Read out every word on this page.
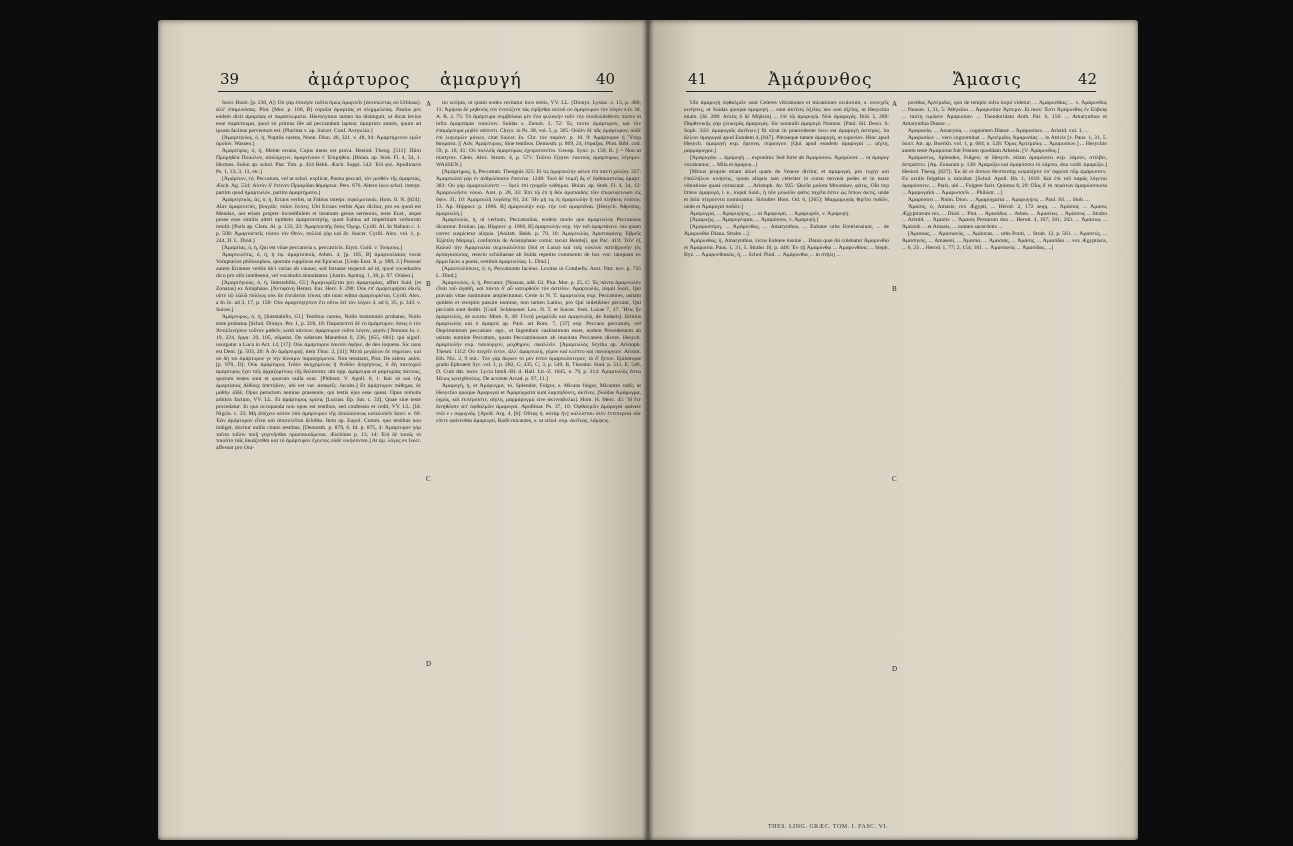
39	ἀμάρτυρος ἀμαρυγή	40

Isocr. Busir. [p. 230, A]: Οὐ γὰρ ἐποιήσε ταῦτα ὅμως ἁμαρτεῖν [ἀνειπώντας οὐ Urbinas]. ἀλλ' ἐπαμυνόσας. Plut. [Mor. p. 168, B] copulat ἁμαρτίας et πλημμελείας. Paulus pro eodem dicit ἁμαρτίας et παραπτώματα. Hieronymus tamen ita distinguit, ut dicat levius esse παράπτωμα, quod sit primus ille ad peccandum lapsus: ἁμαρτίαν autem, quum ad ipsum facinus perventum est. [Plurima v. ap. Suicer. Conf. Ἀνεγκλία.]

[Ἀμαρτηνόος, ὁ, ἡ, Nuptiis carens, Nonn. Dion. 46, 321. v. 48, 94: Ἀμαρτήμενον ἐμῶν ὁμοῖον. Wassen.]

Ἀμαρτύρος, ὁ, ἡ, Mente errans, Cujus mens est prava. Hesiod. Theog. [511]: Πᾶσι Προμηθέα Ποικίλον, αἰολόμητιν, ἁμαρτίνοον τ' Ἐπιμηθέα. [Rhian. ap. Stob. Fl. 4, 34, 1. Hermes. Solon ap. schol. Plat. Tim. p. 424 Bekk. Æsch. Suppl. 542: Ἐπὶ φιλ. Apollinaris Ps. 1, 13; 3, 13, etc.]

[Ἀμάρτιον, τό, Peccatum, vel ut schol. explicat, Poena peccati, τὸν μισθὸν τῆς ἁμαρτίας, Æsch. Ag. 534: Αὐτὸν δ' ἔτεινεν Πριαμίδαι θάμάρτια. Pers. 676. Altero loco schol. interpr. partim quod ἡμαρτωλόν, partim ἁμαρτήματα.]

Ἀμαρτητικός, ἀς, ὁ, ἡ, Errans verbis, ut Fabius interpr. σφαλμοτικός. Hom. Il. N. [824]: Αἶαν ἁμαρτοεπές, βουγάϊε, ποῖον ἔειπες; Ubi Errans verbis Ajax dicitur, pro eo quod est Mendax, aut etiam propter incredibilem et insanum genus sermonis, teste Eust., atque posse esse similis alteri epitheto ἁμαρτοεπητής, quod Fabius ad imperitiam verborum retulit. [Paris ap. Clem. Al. p. 133, 23: Ἁμαρτοεπῆς ὅσος Ὅμηρ. Cyrill. Al. In Nahum c. 1. p. 508: Ἀμαρτοεπεῖς τόσου τὸν Θεόν, πολλαὶ γὰρ καὶ δὲ. Suicer. Cyrill. Alex. vol. 1, p. 244, D. L. Dind.]

[Ἀμαρτίας, ὁ, ἡ, Qui est vitae peccatoria s. peccatricis. Etym. Guid. v. Τούμους.]

Ἀμαρτωλέπις, ὁ, ἡ, ἡ ἐφ. ἁμαρτοποιίς Athen. 4, [p. 165, B] ἁμαρτωλίαιος vocat Voluptarios philosophos, quorum cuppiicus est Epicurus. [Unde Eust. Il. p. 989, 2.] Possunt autem Errantes verbis dici varias ob causas; sed fortasse respexit ad id, quod voceduobis dico pro ullo intelleetur, vel vocabulis abundantur. [Justin. Apolog. 1, 38, p. 97. Οὐάνα.]

[Ἀμαρτόγιοος, ὁ, ἡ, Intestabilis, Gl.] Ἀμαρτυρίζεται pro ἀμαρτυρίας, affert Suid. [et Zonaras] ex Amiphane. [Ἀντιφάνη Hemst. Eur. Herc. F. 290: Οὐκ ἐπ' ἀμαρτυρήσαι οἷκεῖς οὔτε τῷ λάλῶ πόλλως οὐκ ἂν ἐπειδεται τέκνα; ubi nunc editur ἀμαρτυρίσται, Cyrill. Alex. a In Jo. ad 3, 17, p. 158: Οὐκ ἁμαρτόγηπτον ἔτι οὕτω δεῖ τὸν λόγον 4, ad 6, 35, p. 343. v. Suicer.]

Ἀμάρτυρος, ὁ, ἡ, [Intestabilis, Gl.] Testibus carens, Nullo testimonio probatus, Nullo teste probatus [Schol. Dionys. Per. 1, p. 318, 10: Παραπεπτεὶ δὲ τὸ ἁμάρτυρον, ὅσως ὁ τὸν Ἀπολλινήσων τοῦτον μαθεῖν, κατὰ πάντων; ἁμαρτυρον τοῦτο λέγειν, φησίν.] Nonnus Jo. c. 19, 224, ἔργα· 20, 105, οὔματα. De siderum Manethon 6, 236, [655, 681]: qui signif. usurpatur a Luca in Act. 14, [17]: Οὐκ ἀμάρτυρον ἑαυτὸν ἀφῆκε, de deo loquens. Sic usus est Dem. [p. 503, 20: Ἀ ἂν ἀμάρτυρα], item Thuc. 2, [41]: Μετὰ μεγάλων δὲ σημείων, καὶ οὐ δὴ τοι ἀμάρτυρον γε τὴν δύναμιν παρασχόμενοι. Non testatam, Plut. De salent. anim. [p. 970, D]: Οὐκ ἀμάρτυρος Ἰνδὸν ἀκηχόμενος ἢ Ἀνδῶν διηγήσεως, ὃ δὴ παντοχοῦ ἀμάρτυρος ἔχει τοῖς ἀρχαζομένοις τῆς θαλάσσαι; ubi opp. ἀμάρτυρα et μαρτυρίας πάντοις, quorum testes sunt et quorum nulla sunt. [Philostr. V. Apoll. 6, 1: Καὶ τὰ καὶ τῆς ἁμαρτίαιος Αἰθίοςς ἀπετήδειν, ubi est var. ἀσαφεῖς. Jacobs.] Et ἁμάρτυρον πάθημα, δὲ μαθὴν ἀϊδὲ, Opus peractum nemine praesente, qui testis ejus esse queat. Opus remotis arbitris factum, VV. LL. Et ἁμάρτυρος κρίσις [Lucian. Ep. Sat. c. 33], Quae sine teste procedatur. In qua occupanda non opus est testibus, sed confessio et cedit, VV. LL. [Id. Nigrin. c. 33: Μὴ ἀπέχειν αὐτὸν ὑπὸ ἁμάρτυρον τῆς ἀπολαύσεως καταλιπεῖν Isocr. e. 60: Ἐὰν ἁμάρτυρον εἶναι καὶ ἀποτελεῖται δεῖσθαι. Item ap. Eupol. Comm. quo testibus non indiget, docitur nullis citatis testibus. [Demosth. p. 879, 6. Id. p. 875, 4: Ἀμάρτυρον γὰρ ταῦτα τοῖσιν ποιῆ γεγενῆσθαι προσποιοῦμεναι. Æschines p. 13, 14: Ἐπὶ δὲ τοιοῖς τὸ τοιοῦτο ταῖς δικάζεσθαι καὶ τὸ ἁμάρτυρον ἔχοντος οὐδὲ νικήσονται.] At ἀμ. λόγος ex Isocr. afferunt pro Ora-

A
B
C
D

tio scripta, ut quum eodex recitatur loco testis, VV. LL. [Dionys. Lysiac. c. 15, p. 486, 11: Ἀμήσια δὲ μηθενὸς τὸν ἐντεύξεσι τὰς εἰρῆσθαι αὐτοῦ οὐ ἁμάρτυρον τὸν λόγον κτλ. Id. A. R. 2, 75: Τὸ ἁμάρτυρα συμβόλαια μὲν ἔνα φυλακὴν ταῦτ τὴν συνδυλάνθεστι πίστιν et infra ἁμαρτάραι τοιούτον. Suidas s. Zenob. 3, 72: Ἐς τούτο ἀμάρτυρον, καὶ τὸν ἐπαμάρτυρα μηδὲν σάτεστι. Chrys. in Ps. 38, vol. 5, p. 305: Οὐδὲν δὲ πᾶς ἁμάρτυρον, οὐδὲ ἐπὶ λογισμῶν μόνων, citat Suicer. Jo. Chr. τὸν παρὰντ. p. 10. 9: Ἀμάρτυρον ἡ Ὕπερ θαυματα. [| Adv. Ἀμαρτύρως, Sine testibus. Demosth. p. 869, 24, ἐπραξας. Phot. Bibl. cod. 59, p. 18, 41: Οὐ πολλοῖς ἁμαρτύρως ἐχειροτονεῖτο. Geoop. Sync. p. 150, B. || = Non ut martyres. Clem. Alex. Strom. 4, p. 571: Τοῦτοι ἔξηταν ἑαυτοὺς ἁμαρτύρως λέγομεν. WASSEN.]

[Ἀμάρτημος, ἡ, Peccatum. Theognis 325: Εἰ τις ἀμαρτωλὴν φίλον ἐπὶ παντὶ χολῷη· 327: Ἀμαρτωλαὶ γὰρ ἐν ἀνθρώποισιν ἕπονται· 1248: Τοσὶ δὲ τοιμῆ ἄς σ' ἔφθακαστείας ἀμαρτ. 383: Οὐ γὰρ ἁμαρτωλίσεπτ — ἔφελ ἐπὶ ητορεῖν κάθημαι. Rhian. ap. Stob. Fl. 4, 34, 12: Ἀμαρτωλῆσιν νόοιο. Aret. p. 28, 33: Ἐπὶ τῷ ἐπ ἡ θῶι ἁμαπαιδός τῶν ἐπιφεύγεινωσι εἰς ὄψιν. 31, 10: Ἀμαρτωλῆ λυγάτης 81, 24: Ἢν μή τις ἐς ἀμαρτωλὴν ἢ τοῦ πλήθεος ἐσίσου; 13. Ap. Hippocr. p. 1066. B] ἁμαρτωλὴν exp. τὴν τοῦ ἁμαρτάναι. [Hesych. Ἀθρόπος, ἁμαρτωλή.]

Ἀμαρτωλία, ἡ, ul verbum, Peccatosilas, eodem modo quo ἁμαρτωλὸς Peccatosus dicaretur. Erotian. [ap. Hippocr. p. 1066, B] ἁμαρτωλὴν exp. τὴν τοῦ ἁμαρτάνειν. mo quam correc suspicetur aliquis. [Anitatt. Bekk. p. 79, 10: Ἀμαρτωλία, Ἀριστοφάνης Ἐβρεῖς Ἐξάπλη Μαρομῖ, conformis de Aristophane comic tacuit Bentleji, qui Pac. 419: Τεῖν' ἐξ Καλοῦ τὴν Ἁμαρτωλία σεμεκαλῶνται (Sol et Luna) καὶ τοῖς κόκλου πατεῖ(ρονὴν (ἐς ἀρπαγκιούσας, reiecto scholiastae ab Suida repetito commento de hoc voc. tanquam ex ἅρμα facto a poeta, restituit ἁμαρτωλίας. L. Dind.]

[Ἀμαστωλίσκεις, ὁ, ἡ, Peccatorem faciens. Lexitus in Combefis. Anct. Patr. nov. p. 735 L. Dind.]

Ἀμαρτωλός, ὁ, ἡ, Peccator, [Nossus, add. Gl. Plut. Mor. p. 25, C: Ἐς πάντα ἁμαρτωλὸν εἶναι τοῦ ἀγαθῆ, καὶ πάντα δ' αὖ κατορθοῦν τὸν ἀστεῖον. Ἀμαρτωλός, inquit Suid., Qui pravam vitae institutum amplectuntur. Certe in N. T. ἁμαρτωλὸς exp. Peccatores, usitato quidem et receptio passim nomine, non tamen Latino, pro Qui iniletikiter peccant, Qui peccatis sunt dediti. [Conf. Schleusner. Lex. N. T. et Suicer. Fem. Lucae 7, 37: Ἥτις ἦν ἁμαρτωλός, de scorto. More. 8, 38: Γενεᾷ μοιχαλίδι καὶ ἁμαρτωλῷ, de Judaeis]. Ermius ἁμαρτωλὸς καὶ ὁ ἁμαρτὰ ap. Paul. ad Rom. 7, [37] exp. Peccans peccatum, vel Deprimentum peccatum: ego., ut Ingendum vastissimum esset, eodem Precedentem ab usitato nomine Peccatum, quam Peccaminosum ab inusitato Peccamen dicere. Hesych. ἁμαρτωλὴν exp. πανούργον, μοχθηρὸν, σφαλλεῖν. [Ἀμαρτωλὸς Scytha ap. Aristoph. Thesm. 1112: Οὐ πειγεῖν ἐστιν, ἀλλ' ἁμαρτωλή, γέρον καὶ κλέπτο καὶ πανούργιον. Aristot. Eth. Nic. 2, 9 init.: Τὸν γὰρ ἄκρων τὸ μὲν ἐστιν ἁμαρτωλότερον, τὸ δ' ἦττον. Epilemque gradu Ephraem Syr. vol. 1, p. 282, C; 435, C; 3, p. 549, B, Theodor. Stud. p. 511, E; 540, D. Cum dat. incer. Lycia Intell.-Bl. d. Hall. Lit.-Z. 1845, n. 79, p. 314: Ἀμαρτωλὸς ἔστω Ἡλιος κατεχθονίοις. De accente Arcad. p. 97, 11.]

Ἀμαρυγή, ἡ, et Ἀμάρυγμα, τό, Splendor, Fulgor, s. Micans fulgor, Micantes radii; ut Hesychio quoque Ἀμαρυγαὶ et Ἀμαρύγματα sunt λαμπηδόνες, ἀκτῖνες. [Suidas Ἀμάρυγμα, ὑγρὸς, καὶ ἐκπέρσιστε, αἴγλη, μαρμάρυγμα sive ἀκτινοβολία]. Hom. H. Merc. 45: Ἢ ἔτε δινηθῶσιν ἀπ' ὀφθαλμῶν ἀμαρυγαί. Apollinar. Ps. 37, 10: Ὀφθαλμῶν ἀμαρυγαὶ φαὶνων πτῶ ν ι σφριγνάς. [Apoll. Arg. 4, [6]: Οὔτας ἡ. αὐτὰρ ἢν] καλλίστου ὁτεν ἑττεπεριτα ὁδε εὕετε φαίνεσθαι ἀμαρυγαί, Radii micantes, s. ut schol. exp. ἀκτῖνας, λάμψεις.

41	Ἀμάρυνθος	Ἄμασις	42

Ubi ἀμαρυγὴ ὀφθαλμῶν sunt Celeres vibrationes et micationes oculorum, s. συνεχεῖς κινήσεις, ut Suidas quoque ἀμαρυγὴ ... sunt ἀκτῖνες ὀξεῖαι; nec non ὀξεῖας, ut Hesychio etiam. [Id. 288: Αὐτὰς ὃ δὲ Μήδεια] ... ἐπὶ τῷ ἀμαρυγῷ. Non ἀμαρυγάς. Ibid. 5, 289: Παρθενικῆς γὰρ γλυκερὰς ἀμαρυγάς. Sic nonnulli ἀμαρυγὰ Nonnus. [Paul. Sil. Descr. S. Soph. 343: ἀμαρυγαῖς ἀκτῖνων.] Et sicut in praecedente loco est ἀμαρυγὴ ἀστέρος, ita ἄλλων ἀμαρυγαί apud Eundem 4, [847]. Pleraeque tamen ἀμαρυγή, ut κιρονίον. Hinc apud Hesych. ἀμαρυγὴ exp. ἔρευνα, πύραυγον. [Qui apud eundem ἀμαρυγαί ... αἴγλη, μαρμάρυγμα.]

[Ἀμαρυγάω ... ἀμαρυγὴ ... exponitur. Sed forte ab Ἀμαρύσσω. Ἀμαρύσσε ... ut ἀμαρυγ vocabantur, ... Mila et ἀμαρυγ...]

[Minus proprie etiam aliud quam de Venere dicitur, et ἀμαρυγαὶ, pro τυχὴν καὶ ἐπαλλήλων κινήσεις, quum aliquis tam celeriter in cursu moveat pedes et in mare vibratione quasi coruscant. ... Aristoph. Av. 925: Ὠκεῖα μοῦσα Μουσάων, φάτις, Οἷα περ ἵππων ἀμαρυγά, i. e., inquit Suid., ἡ τῶν μουσῶν φάτις ταχεῖα ἐστιν ὡς ἵππων ἀκτίς, unde et δεῖα πτερόεντα nominantur. Simulter Hom. Od. 6, [265]: Μαρμαρυγὰς θηεῖτο ποδῶν, unde et Ἀμαρυγαὶ ποδῶν.]

Ἀμαρυγμα, ... Ἀμαρυγήεις, ... ut Ἀμαρυγαὶ, ... Ἀμαρυγαῖν, v. Ἀμαρυγή.

[Ἀμαρυξις, ... Ἀμαρυγέομαι, ... Ἀμαρύσσω, v. Ἀμαρυγή.]

[Ἀμαρυσσίμη, ... Ἀμάρυνθος, ... Amarynthus, ... Eubœæ urbs Eretriensium, ... de Ἀμαρυνθία Diana. Strabo ...]

Ἀμάρυνθος, ἡ, Amarynthus, vicus Eubœæ insulæ ... Diana quæ ibi colebatur Ἀμαρυνθία et Ἀμαρυσία. Paus. 1, 31, 5. Strabo 10, p. 448: Ἐν τῇ Ἀμαρύνθῳ ... Ἀμαρυνθίοις ... Steph. Byz. ... Ἀμαρυνθιακὸς, ἡ, ... Schol. Pind. ... Ἀμάρυνθος ... in στήλῃ ...

A
B
C
D

ρονθίας Ἀρτέμιδος, quo de templo infra loqui videtur; ... Ἀμαρυνθίας; ... v. Ἀμάρυνθος ... Pausan. 1, 31, 5: Ἀθηναῖοι ... Ἀμαρυσίαν Ἄρτεμιν. Et mox: Ἐστι Ἀμάρυνθος ἐν Εὐβοίᾳ ... ταύτη τιμῶσιν Ἀμαρυσίαν. ... Theodoridam Anth. Pal. 6, 156. ... Amarynthus et Amarynthia Dianæ ...

Ἀμαρυσία, ... Amarysia, ... cognomen Dianæ ... Ἀμαρυσίων, ... Aristid. vol. 1, ...

Ἀμαρυσίων ... vero cognominat ... Ἀρτέμιδος Ἀμαρυσίας ... in Atticis [v. Paus. 1, 31, 5. Isocr. Att. ap. Boeckh. vol. 1, p. 684, n. 528: Ὅρος Ἀρτέμιδος ... Ἀμαρυσίων.] ... Hesychio autem teste Ἀμαρύσια fuit Festum quoddam Athenis. [V. Ἀμάρυνθος.]

Ἀμάρυστος, Splendeo, Fulgeo; ut Hesych. etiam ἀμαρύσσει exp. λάμπει, στίλβει, ἀστράπτει. [Ap. Zonaram p. 138: Ἀμαρύξω καὶ ἀμαρύσσω τὸ λάμπω, dou codd. ἀμαρύζω.] Hesiod. Theog. [827]: Ἐκ δέ οἱ ὄσσων Θεσπεσίης κεφαλῇσιν ὑπ' ὀφρύσι πῦρ ἀμάρυσσεν. Ex oculis fulgebat s. micabat. [Schol. Apoll. Rh. 1, 1018: Καὶ ἐπὶ τοῦ παρὰς λόγεται ἀμαρύσσειν, ... Paris, ubi ... Fulgere facit. Quintus 8, 29: Οἷος δ' ἐκ περάτων ἀμαρύσσουσα ... Ἀμαρυγαῖσι ... Ἀμαρυσσεῖν ... Philostr. ...]

Ἀμαρύσσει ... Nonn. Dion. ... Ἀμαρύγματα ... Ἀμαρυγήεις ... Paul. Sil. ... Stob. ...

Ἄμασις, ὁ, Amasis, rex Ægypti, ... Herod. 2, 172 seqq. ... Ἀμάσιος ... Ἀμασις Ægyptiorum rex, ... Diod. ... Plut. ... Ἀμασίδος ... Athen. ... Ἀμασέως ... Ἀμάσεος ... Strabo ... Aristid. ... Ἀμασίν ... Ἄμασις Persarum dux ... Herod. 4, 167; 201; 203. ... Ἀμάσιος ... Ἀμάσιδι ... et Amasis, ... nomen sacerdotis ...

[Ἀμασιας, ... Ἀμασιανός, ... Ἀμάσεια, ... urbs Ponti, ... Strab. 12, p. 561. ... Ἀμασεύς, ... Ἀμασηνός, ... Amaseni, ... Ἀμασία, ... Ἀμασιάς, ... Ἀμάσις, ... Ἀμασίδαι ... vox Ægyptiaca, ... 6, 23 ... Herod. 1, 77; 2, 154; 181. ... Ἀμασιανός ... Ἀμασίδος, ...]

THES. LING. GRÆC. TOM. I. FASC. VI.
